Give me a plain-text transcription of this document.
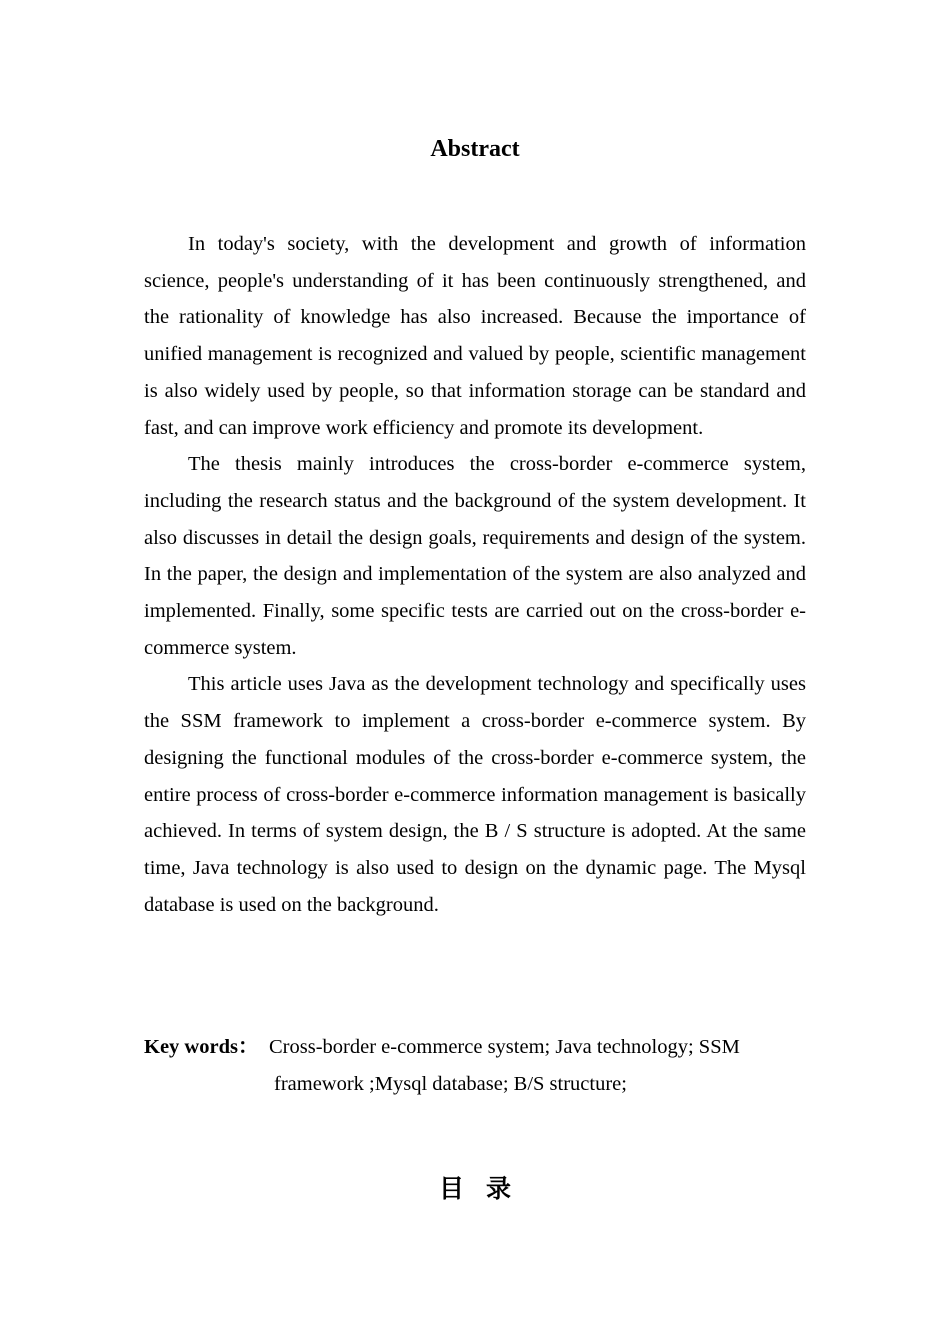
Abstract

In today's society, with the development and growth of information science, people's understanding of it has been continuously strengthened, and the rationality of knowledge has also increased. Because the importance of unified management is recognized and valued by people, scientific management is also widely used by people, so that information storage can be standard and fast, and can improve work efficiency and promote its development.

The thesis mainly introduces the cross-border e-commerce system, including the research status and the background of the system development. It also discusses in detail the design goals, requirements and design of the system. In the paper, the design and implementation of the system are also analyzed and implemented. Finally, some specific tests are carried out on the cross-border e-commerce system.

This article uses Java as the development technology and specifically uses the SSM framework to implement a cross-border e-commerce system. By designing the functional modules of the cross-border e-commerce system, the entire process of cross-border e-commerce information management is basically achieved. In terms of system design, the B / S structure is adopted. At the same time, Java technology is also used to design on the dynamic page. The Mysql database is used on the background.

Key words： Cross-border e-commerce system; Java technology; SSM
framework ;Mysql database; B/S structure;
目录
